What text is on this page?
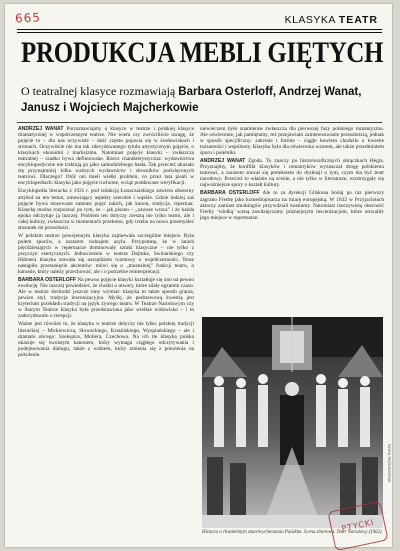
665	KLASYKA TEATR
PRODUKCJA MEBLI GIĘTYCH
O teatralnej klasyce rozmawiają Barbara Osterloff, Andrzej Wanat, Janusz i Wojciech Majcherkowie

ANDRZEJ WANAT Porozmawiajmy o klasyce w teatrze i polskiej klasyce dramatycznej w współczesnym teatrze. Nie wiem czy zwróciliście uwagę, że pojęcie to – dla nas oczywiste – dość często pojawia się w środowiskach i stronach. Oczywiście nie ma tak zdecydowanego tytułu artystycznym pojęcie, o klasykach ekonomii i marksizmu. Natomiast pojęcie klasyki – zwłaszcza teatralnej – rzadko bywa definiowane. Rzecz charakterystyczna: wydawnictwa encyklopedyczne nie traktują go jako samodzielnego hasła. Tak przecież ukazało się przynajmniej kilka ważnych wydawnictw i słowników poświęconych teatrowi. Dlaczego? Otóż oni mieli wielki problem, co przez lata pisali w encyklopediach: klasyka jako pojęcie ruchome, wciąż poddawane weryfikacji.

Encyklopedia literacka z 1931 r. pod redakcją Łunaczarskiego zawiera obszerny artykuł na ten temat, omawiający aspekty szerokie i wąskie. Gdzie indziej zaś pojęcie bywa stosowane zamiast pojęć takich, jak kanon, tradycja, repertuar. Klasykę można rozpoznać po tym, że – jak pisano – „zawsze wraca” i że każda epoka odczytuje ją inaczej. Problem ten dotyczy zresztą nie tylko teatru, ale i całej kultury, zwłaszcza w momentach przełomu, gdy trzeba na nowo przemyśleć stosunek do przeszłości.

W polskim teatrze powojennym klasyka zajmowała szczególne miejsce. Była polem sporów, a zarazem rodzajem azylu. Przypomnę, że w latach pięćdziesiątych w repertuarze dominowały sztuki klasyczne – nie tylko z przyczyn estetycznych. Jednocześnie w teatrze Dejmka, Swinarskiego czy Hübnera klasyka stawała się narzędziem rozmowy o współczesności. Teraz nastąpiło przesunięcie akcentów: mówi się o „muzealnej” funkcji teatru, o kanonie, który należy przechować, ale i o potrzebie reinterpretacji.

BARBARA OSTERLOFF Na pewno pojęcie klasyki kształtuje się ono na pewno ewolucję. Nie inaczej powiedzieć, że chodzi o utwory, które zdały egzamin czasu. Ale w teatrze dochodzi jeszcze inny wymiar: klasyka to także sposób grania, pewien styl, tradycja inscenizacyjna. Myślę, że podstawową kwestią jest kryterium przekładu tradycji na język żywego teatru. W Teatrze Narodowym czy w Starym Teatrze klasyka była przedstawiana jako wielkie widowisko – i to zadecydowało o recepcji.

Ważne jest również to, że klasyka w teatrze dotyczy nie tylko polskiej tradycji literackiej – Mickiewicza, Słowackiego, Krasińskiego, Wyspiańskiego – ale i dramatu obcego: Szekspira, Moliera, Czechowa. Na ich tle klasyka polska okazuje się swoistym kanonem, który wymaga ciągłego odczytywania i podejmowania dialogu, także z widzem, który zmienia się z pokolenia na pokolenie.

niewieczem było znamienne zwłaszcza dla pierwszej fazy polskiego romantyzmu. Ale oświecenie, jak pamiętamy, też przejawiało zainteresowanie przeszłością, jednak w sposób specyficzny: zakresie i formie – ciągle bowiem chodziło o kwestie tożsamości i wspólnoty. Klasyka była dla oświecenia wzorem, ale także przedmiotem sporu i polemiki.

ANDRZEJ WANAT Zgoda. To znaczy po historiozoficznych obrączkach Hegla. Przyznajmy, że konflikt klasyków i romantyków wyznaczał drogę polskiemu teatrowi, a zarazem stawał się pretekstem do dyskusji o tym, czym ma być teatr narodowy. Przecież to właśnie na scenie, a nie tylko w literaturze, rozstrzygały się najważniejsze spory o kształt kultury.

BARBARA OSTERLOFF Ale to za dyrekcji Gilskona bodaj po raz pierwszy zagrano Fredrę jako komediopisarza na miarę europejską. W 1832 w Przyjaciołach aktorzy zamiast smokingów przywdziali kostiumy. Natomiast rzeczywistą obecność Fredry ‘wielką’ sceną zawdzięczamy późniejszym inscenizacjom, które utrwaliły jego miejsce w repertuarze.

Historia o chwalebnym zmartwychwstaniu Pańskim. Scena zbiorowa. Teatr Narodowy (1962).
PTYCKI
ODRA PAŹDZIERNIK
